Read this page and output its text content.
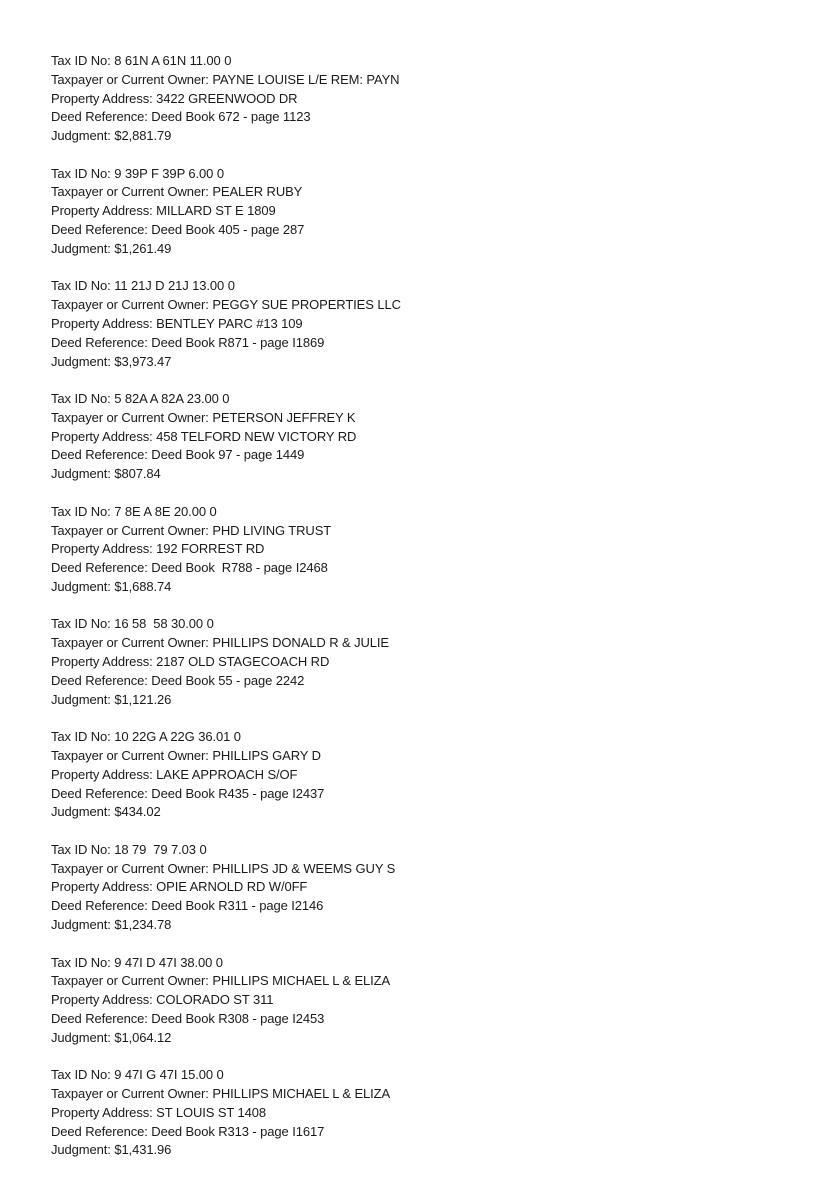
Tax ID No: 8 61N A 61N 11.00 0
Taxpayer or Current Owner: PAYNE LOUISE L/E REM: PAYN
Property Address: 3422 GREENWOOD DR
Deed Reference: Deed Book 672 - page 1123
Judgment: $2,881.79
Tax ID No: 9 39P F 39P 6.00 0
Taxpayer or Current Owner: PEALER RUBY
Property Address: MILLARD ST E 1809
Deed Reference: Deed Book 405 - page 287
Judgment: $1,261.49
Tax ID No: 11 21J D 21J 13.00 0
Taxpayer or Current Owner: PEGGY SUE PROPERTIES LLC
Property Address: BENTLEY PARC #13 109
Deed Reference: Deed Book R871 - page I1869
Judgment: $3,973.47
Tax ID No: 5 82A A 82A 23.00 0
Taxpayer or Current Owner: PETERSON JEFFREY K
Property Address: 458 TELFORD NEW VICTORY RD
Deed Reference: Deed Book 97 - page 1449
Judgment: $807.84
Tax ID No: 7 8E A 8E 20.00 0
Taxpayer or Current Owner: PHD LIVING TRUST
Property Address: 192 FORREST RD
Deed Reference: Deed Book  R788 - page I2468
Judgment: $1,688.74
Tax ID No: 16 58  58 30.00 0
Taxpayer or Current Owner: PHILLIPS DONALD R & JULIE
Property Address: 2187 OLD STAGECOACH RD
Deed Reference: Deed Book 55 - page 2242
Judgment: $1,121.26
Tax ID No: 10 22G A 22G 36.01 0
Taxpayer or Current Owner: PHILLIPS GARY D
Property Address: LAKE APPROACH S/OF
Deed Reference: Deed Book R435 - page I2437
Judgment: $434.02
Tax ID No: 18 79  79 7.03 0
Taxpayer or Current Owner: PHILLIPS JD & WEEMS GUY S
Property Address: OPIE ARNOLD RD W/0FF
Deed Reference: Deed Book R311 - page I2146
Judgment: $1,234.78
Tax ID No: 9 47I D 47I 38.00 0
Taxpayer or Current Owner: PHILLIPS MICHAEL L & ELIZA
Property Address: COLORADO ST 311
Deed Reference: Deed Book R308 - page I2453
Judgment: $1,064.12
Tax ID No: 9 47I G 47I 15.00 0
Taxpayer or Current Owner: PHILLIPS MICHAEL L & ELIZA
Property Address: ST LOUIS ST 1408
Deed Reference: Deed Book R313 - page I1617
Judgment: $1,431.96
